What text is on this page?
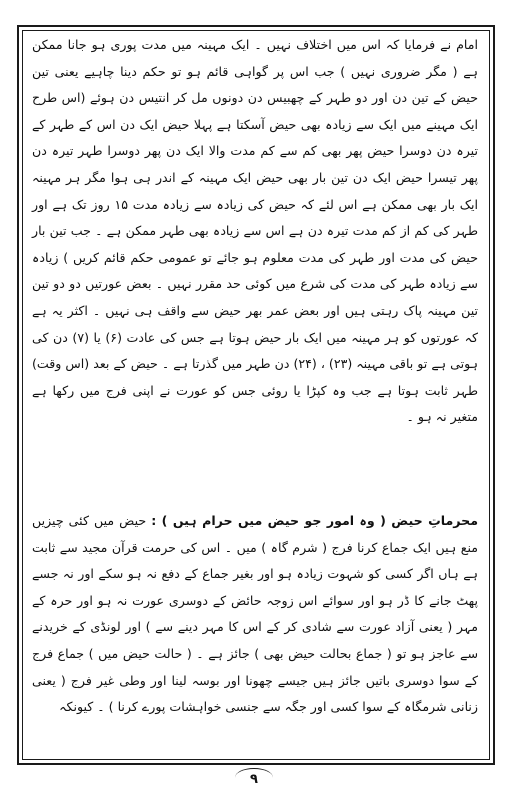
امام نے فرمایا کہ اس میں اختلاف نہیں ۔ ایک مہینہ میں مدت پوری ہو جانا ممکن ہے ( مگر ضروری نہیں ) جب اس پر گواہی قائم ہو تو حکم دینا چاہیے یعنی تین حیض کے تین دن اور دو طہر کے چھبیس دن دونوں مل کر انتیس دن ہوئے (اس طرح ایک مہینے میں ایک سے زیادہ بھی حیض آسکتا ہے پہلا حیض ایک دن اس کے طہر کے تیرہ دن دوسرا حیض پھر بھی کم سے کم مدت والا ایک دن پھر دوسرا طہر تیرہ دن پھر تیسرا حیض ایک دن تین بار بھی حیض ایک مہینہ کے اندر ہی ہوا مگر ہر مہینہ ایک بار بھی ممکن ہے اس لئے کہ حیض کی زیادہ سے زیادہ مدت ۱۵ روز تک ہے اور طہر کی کم از کم مدت تیرہ دن ہے اس سے زیادہ بھی طہر ممکن ہے ۔ جب تین بار حیض کی مدت اور طہر کی مدت معلوم ہو جائے تو عمومی حکم قائم کریں ) زیادہ سے زیادہ طہر کی مدت کی شرع میں کوئی حد مقرر نہیں ۔ بعض عورتیں دو دو تین تین مہینہ پاک رہتی ہیں اور بعض عمر بھر حیض سے واقف ہی نہیں ۔ اکثر یہ ہے کہ عورتوں کو ہر مہینہ میں ایک بار حیض ہوتا ہے جس کی عادت (۶) یا (۷) دن کی ہوتی ہے تو باقی مہینہ (۲۳) ، (۲۴) دن طہر میں گذرتا ہے ۔ حیض کے بعد (اس وقت) طہر ثابت ہوتا ہے جب وہ کپڑا یا روئی جس کو عورت نے اپنی فرج میں رکھا ہے متغیر نہ ہو ۔
محرماتِ حیض ( وہ امور جو حیض میں حرام ہیں ) : حیض میں کئی چیزیں منع ہیں ایک جماع کرنا فرج ( شرم گاہ ) میں ۔ اس کی حرمت قرآن مجید سے ثابت ہے ہاں اگر کسی کو شہوت زیادہ ہو اور بغیر جماع کے دفع نہ ہو سکے اور نہ جسے پھٹ جانے کا ڈر ہو اور سوائے اس زوجہ حائض کے دوسری عورت نہ ہو اور حرہ کے مہر ( یعنی آزاد عورت سے شادی کر کے اس کا مہر دینے سے ) اور لونڈی کے خریدنے سے عاجز ہو تو ( جماع بحالت حیض بھی ) جائز ہے ۔ ( حالت حیض میں ) جماع فرج کے سوا دوسری باتیں جائز ہیں جیسے چھونا اور بوسہ لینا اور وطی غیر فرج ( یعنی زنانی شرمگاہ کے سوا کسی اور جگہ سے جنسی خواہشات پورے کرنا ) ۔ کیونکہ
۹
